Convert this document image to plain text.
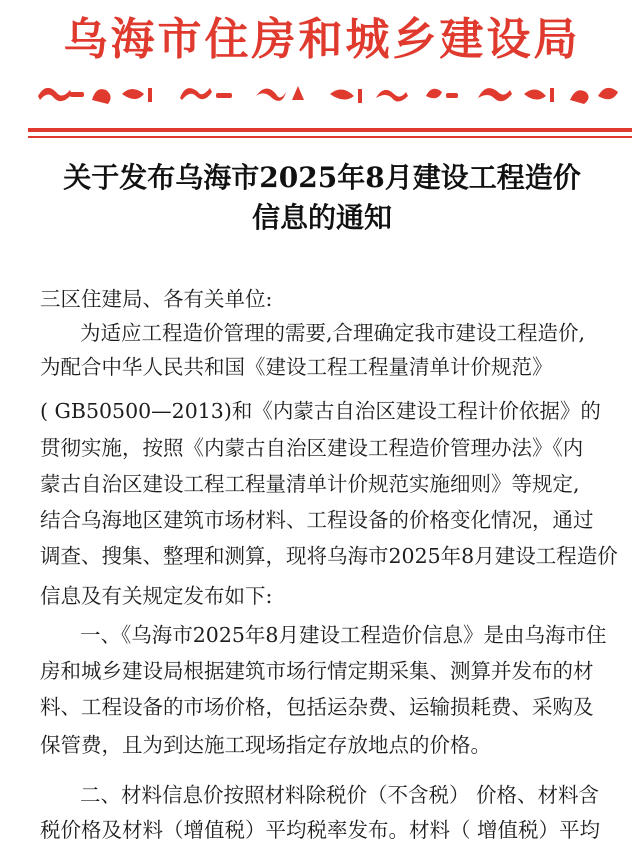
乌海市住房和城乡建设局
关于发布乌海市2025年8月建设工程造价
信息的通知
三区住建局、各有关单位:
为适应工程造价管理的需要,合理确定我市建设工程造价,
为配合中华人民共和国《建设工程工程量清单计价规范》
( GB50500—2013)和《内蒙古自治区建设工程计价依据》的
贯彻实施，按照《内蒙古自治区建设工程造价管理办法》《内
蒙古自治区建设工程工程量清单计价规范实施细则》等规定,
结合乌海地区建筑市场材料、工程设备的价格变化情况，通过
调查、搜集、整理和测算，现将乌海市2025年8月建设工程造价
信息及有关规定发布如下:
一、《乌海市2025年8月建设工程造价信息》是由乌海市住
房和城乡建设局根据建筑市场行情定期采集、测算并发布的材
料、工程设备的市场价格，包括运杂费、运输损耗费、采购及
保管费，且为到达施工现场指定存放地点的价格。
二、材料信息价按照材料除税价（不含税） 价格、材料含
税价格及材料（增值税）平均税率发布。材料（ 增值税）平均
